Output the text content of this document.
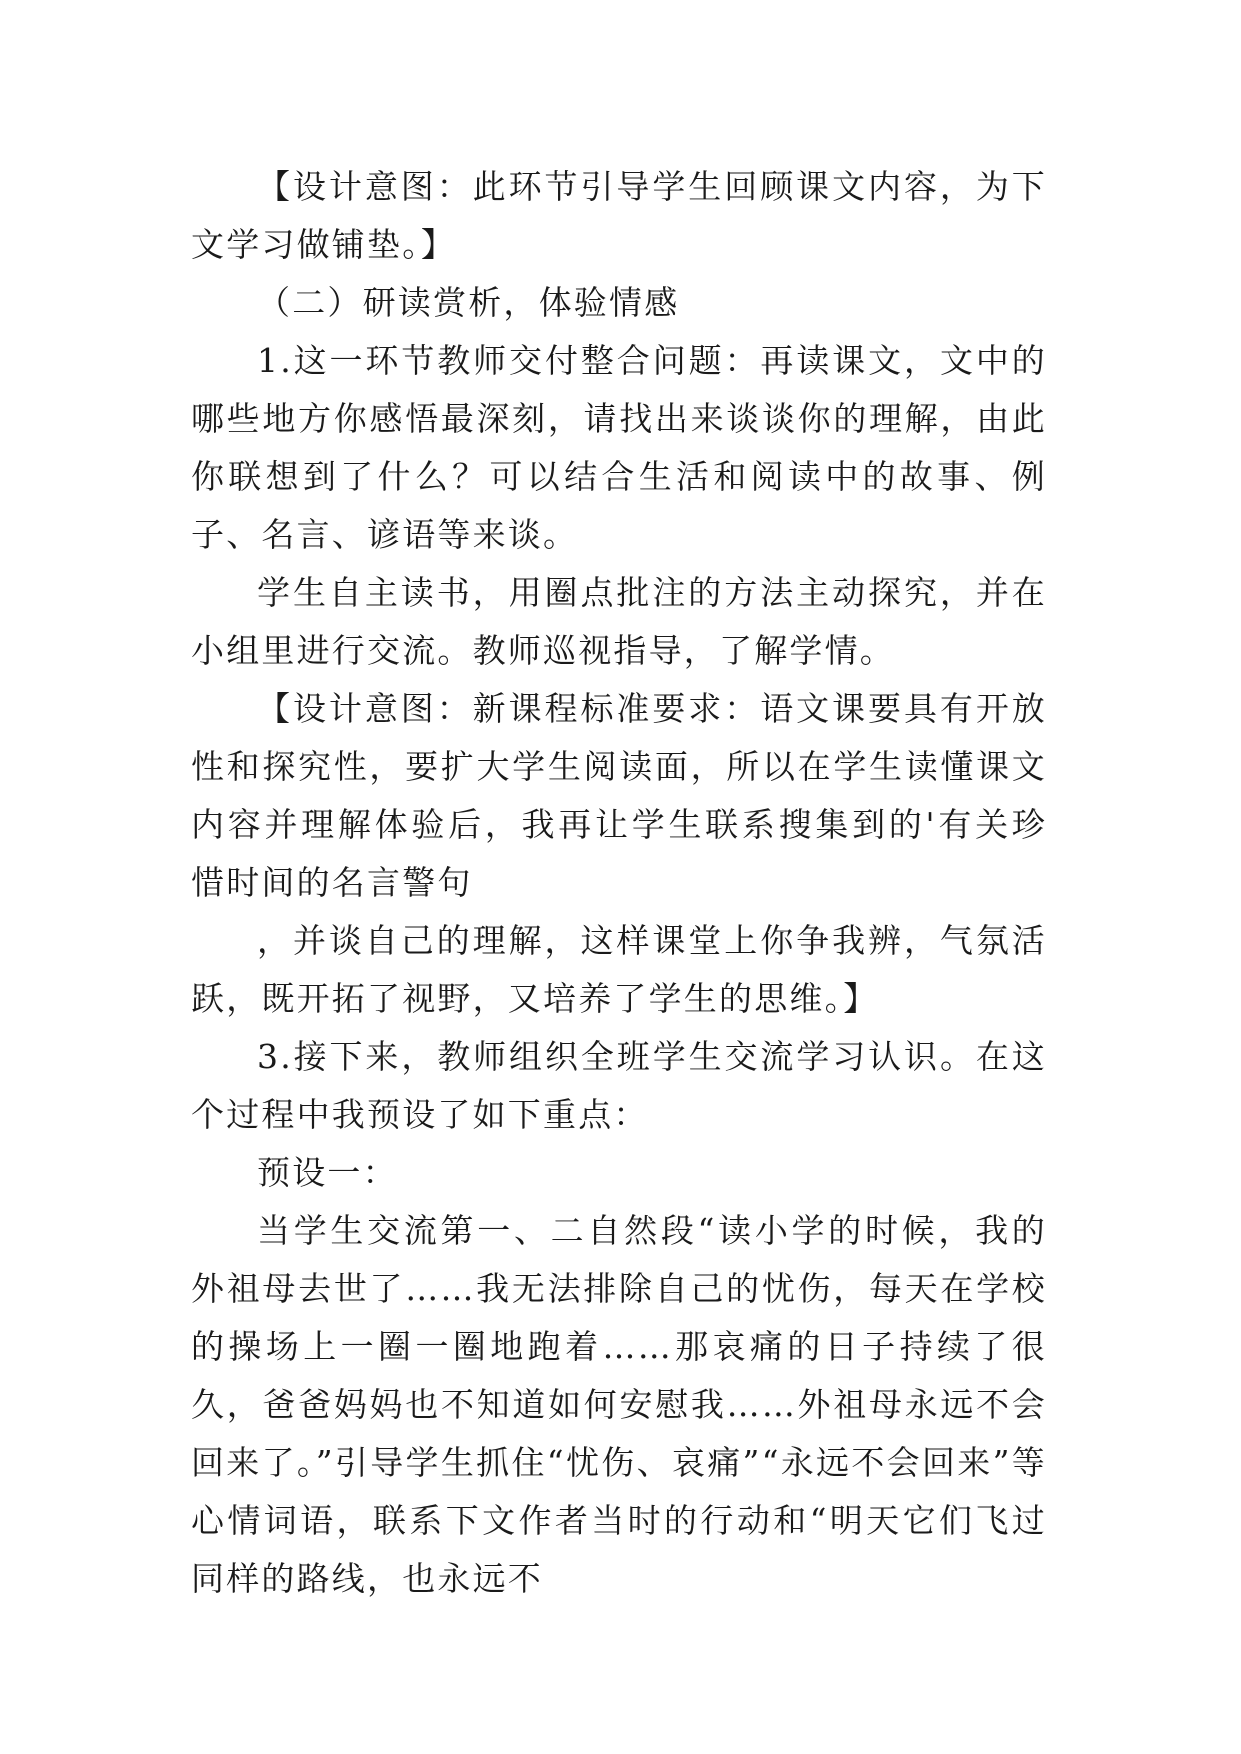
【设计意图：此环节引导学生回顾课文内容，为下文学习做铺垫。】

（二）研读赏析，体验情感

1.这一环节教师交付整合问题：再读课文，文中的哪些地方你感悟最深刻，请找出来谈谈你的理解，由此你联想到了什么？可以结合生活和阅读中的故事、例子、名言、谚语等来谈。

学生自主读书，用圈点批注的方法主动探究，并在小组里进行交流。教师巡视指导，了解学情。

【设计意图：新课程标准要求：语文课要具有开放性和探究性，要扩大学生阅读面，所以在学生读懂课文内容并理解体验后，我再让学生联系搜集到的'有关珍惜时间的名言警句

，并谈自己的理解，这样课堂上你争我辨，气氛活跃，既开拓了视野，又培养了学生的思维。】

3.接下来，教师组织全班学生交流学习认识。在这个过程中我预设了如下重点：

预设一：

当学生交流第一、二自然段“读小学的时候，我的外祖母去世了……我无法排除自己的忧伤，每天在学校的操场上一圈一圈地跑着……那哀痛的日子持续了很久，爸爸妈妈也不知道如何安慰我……外祖母永远不会回来了。”引导学生抓住“忧伤、哀痛”“永远不会回来”等心情词语，联系下文作者当时的行动和“明天它们飞过同样的路线，也永远不
